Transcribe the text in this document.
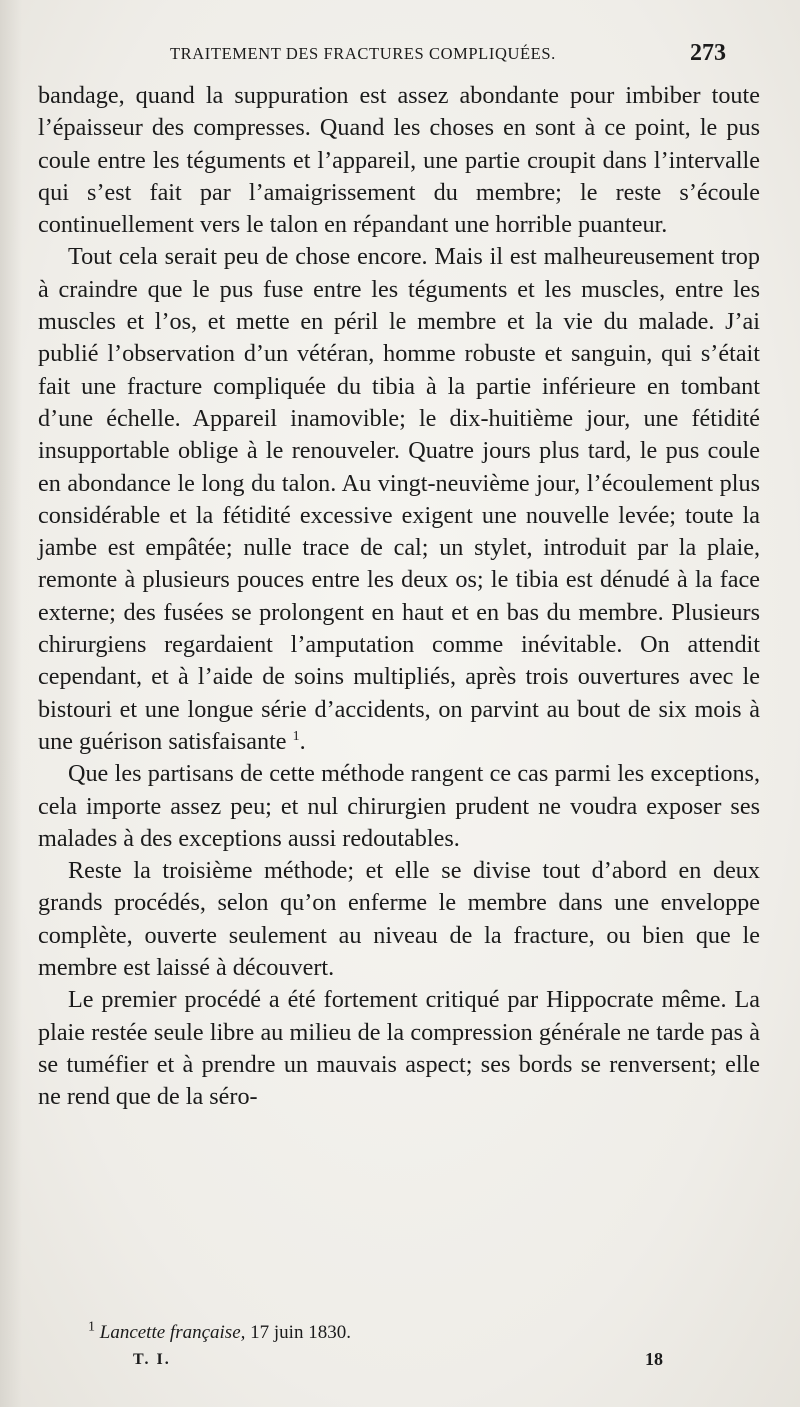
TRAITEMENT DES FRACTURES COMPLIQUÉES.	273

bandage, quand la suppuration est assez abondante pour imbiber toute l’épaisseur des compresses. Quand les choses en sont à ce point, le pus coule entre les téguments et l’appareil, une partie croupit dans l’intervalle qui s’est fait par l’amaigrissement du membre; le reste s’écoule continuellement vers le talon en répandant une horrible puanteur.

Tout cela serait peu de chose encore. Mais il est malheureusement trop à craindre que le pus fuse entre les téguments et les muscles, entre les muscles et l’os, et mette en péril le membre et la vie du malade. J’ai publié l’observation d’un vétéran, homme robuste et sanguin, qui s’était fait une fracture compliquée du tibia à la partie inférieure en tombant d’une échelle. Appareil inamovible; le dix-huitième jour, une fétidité insupportable oblige à le renouveler. Quatre jours plus tard, le pus coule en abondance le long du talon. Au vingt-neuvième jour, l’écoulement plus considérable et la fétidité excessive exigent une nouvelle levée; toute la jambe est empâtée; nulle trace de cal; un stylet, introduit par la plaie, remonte à plusieurs pouces entre les deux os; le tibia est dénudé à la face externe; des fusées se prolongent en haut et en bas du membre. Plusieurs chirurgiens regardaient l’amputation comme inévitable. On attendit cependant, et à l’aide de soins multipliés, après trois ouvertures avec le bistouri et une longue série d’accidents, on parvint au bout de six mois à une guérison satisfaisante $^1$.

Que les partisans de cette méthode rangent ce cas parmi les exceptions, cela importe assez peu; et nul chirurgien prudent ne voudra exposer ses malades à des exceptions aussi redoutables.

Reste la troisième méthode; et elle se divise tout d’abord en deux grands procédés, selon qu’on enferme le membre dans une enveloppe complète, ouverte seulement au niveau de la fracture, ou bien que le membre est laissé à découvert.

Le premier procédé a été fortement critiqué par Hippocrate même. La plaie restée seule libre au milieu de la compression générale ne tarde pas à se tuméfier et à prendre un mauvais aspect; ses bords se renversent; elle ne rend que de la séro-

$^1$ Lancette française, 17 juin 1830.
T. I.	18
